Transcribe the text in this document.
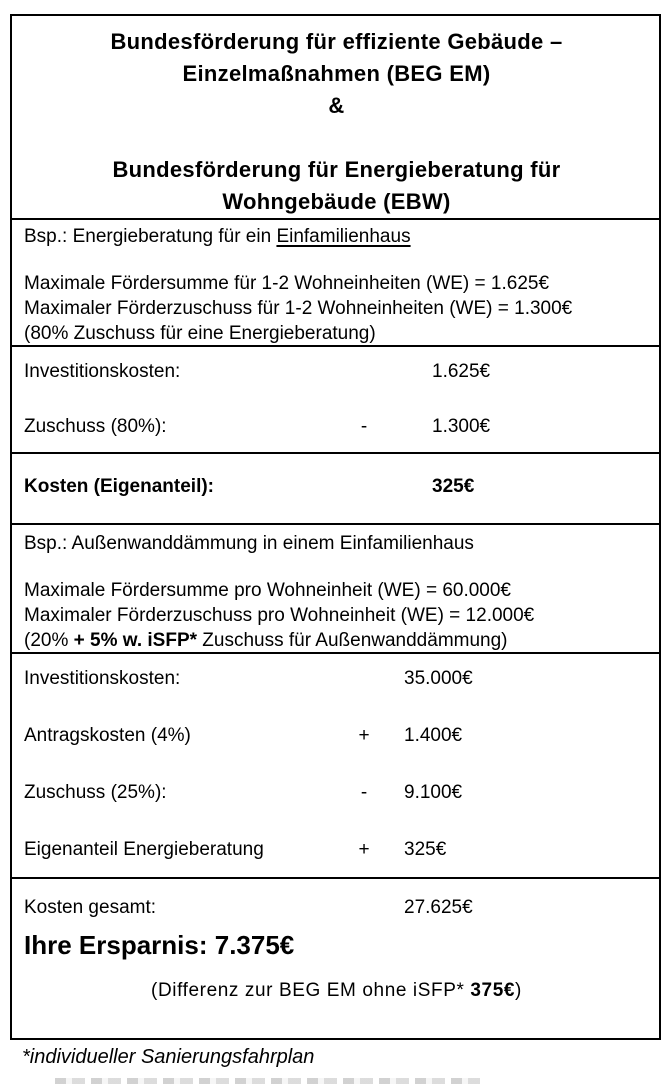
Bundesförderung für effiziente Gebäude –
Einzelmaßnahmen (BEG EM)
&
Bundesförderung für Energieberatung für
Wohngebäude (EBW)
Bsp.: Energieberatung für ein Einfamilienhaus
Maximale Fördersumme für 1-2 Wohneinheiten (WE) = 1.625€
Maximaler Förderzuschuss für 1-2 Wohneinheiten (WE) = 1.300€
(80% Zuschuss für eine Energieberatung)
Investitionskosten:	1.625€
Zuschuss (80%):	-	1.300€
Kosten (Eigenanteil):	325€
Bsp.: Außenwanddämmung in einem Einfamilienhaus
Maximale Fördersumme pro Wohneinheit (WE) = 60.000€
Maximaler Förderzuschuss pro Wohneinheit (WE) = 12.000€
(20% + 5% w. iSFP* Zuschuss für Außenwanddämmung)
Investitionskosten:	35.000€
Antragskosten (4%)	+	1.400€
Zuschuss (25%):	-	9.100€
Eigenanteil Energieberatung	+	325€
Kosten gesamt:	27.625€
Ihre Ersparnis: 7.375€
(Differenz zur BEG EM ohne iSFP* 375€)
*individueller Sanierungsfahrplan
